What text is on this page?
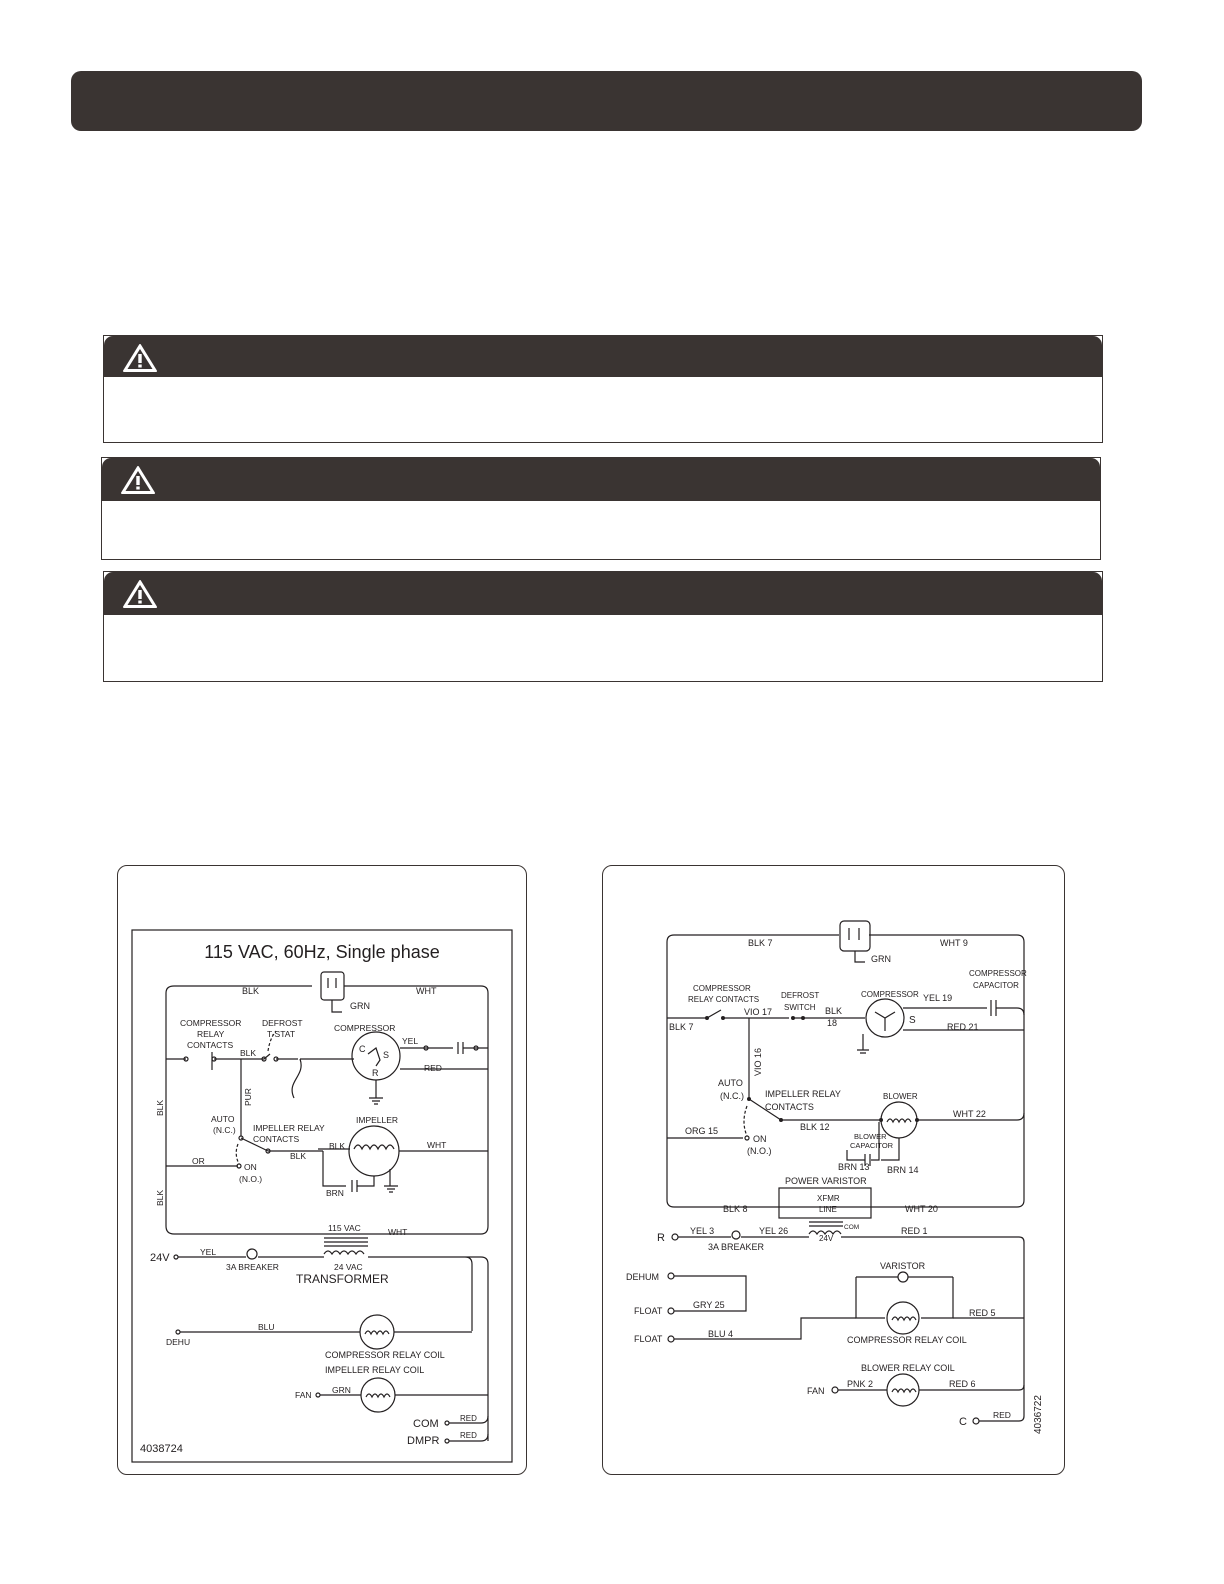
115 VAC, 60Hz, Single phase
BLK	WHT
GRN
COMPRESSOR
RELAY
CONTACTS
DEFROST
T-STAT
COMPRESSOR
BLK	C
S
R
YEL
RED
PUR
BLK
BLK
AUTO
(N.C.) IMPELLER RELAY
CONTACTS
IMPELLER
OR
ON
(N.O.)
BLK
BLK	WHT
BRN
115 VAC	WHT
24V	YEL
3A BREAKER	24 VAC
TRANSFORMER
BLU
DEHU
COMPRESSOR RELAY COIL
IMPELLER RELAY COIL
FAN GRN
COM	RED
DMPR	RED
4038724
BLK 7	WHT 9
GRN
COMPRESSOR
RELAY CONTACTS	DEFROST
SWITCH
COMPRESSOR YEL 19
COMPRESSOR
CAPACITOR
VIO 17	BLK
18	S
RED 21
BLK 7
VIO 16
AUTO
(N.C.) IMPELLER RELAY
CONTACTS
BLK 12
BLOWER
WHT 22
ORG 15
ON
(N.O.)
BLOWER
CAPACITOR
BRN 13 BRN 14
POWER VARISTOR
XFMR
LINE
BLK 8	WHT 20
COM
24V
R
YEL 3	YEL 26
3A BREAKER
RED 1
DEHUM
VARISTOR
FLOAT
GRY 25
RED 5
FLOAT	BLU 4
COMPRESSOR RELAY COIL
BLOWER RELAY COIL
FAN
PNK 2	RED 6
C
RED 4036722
